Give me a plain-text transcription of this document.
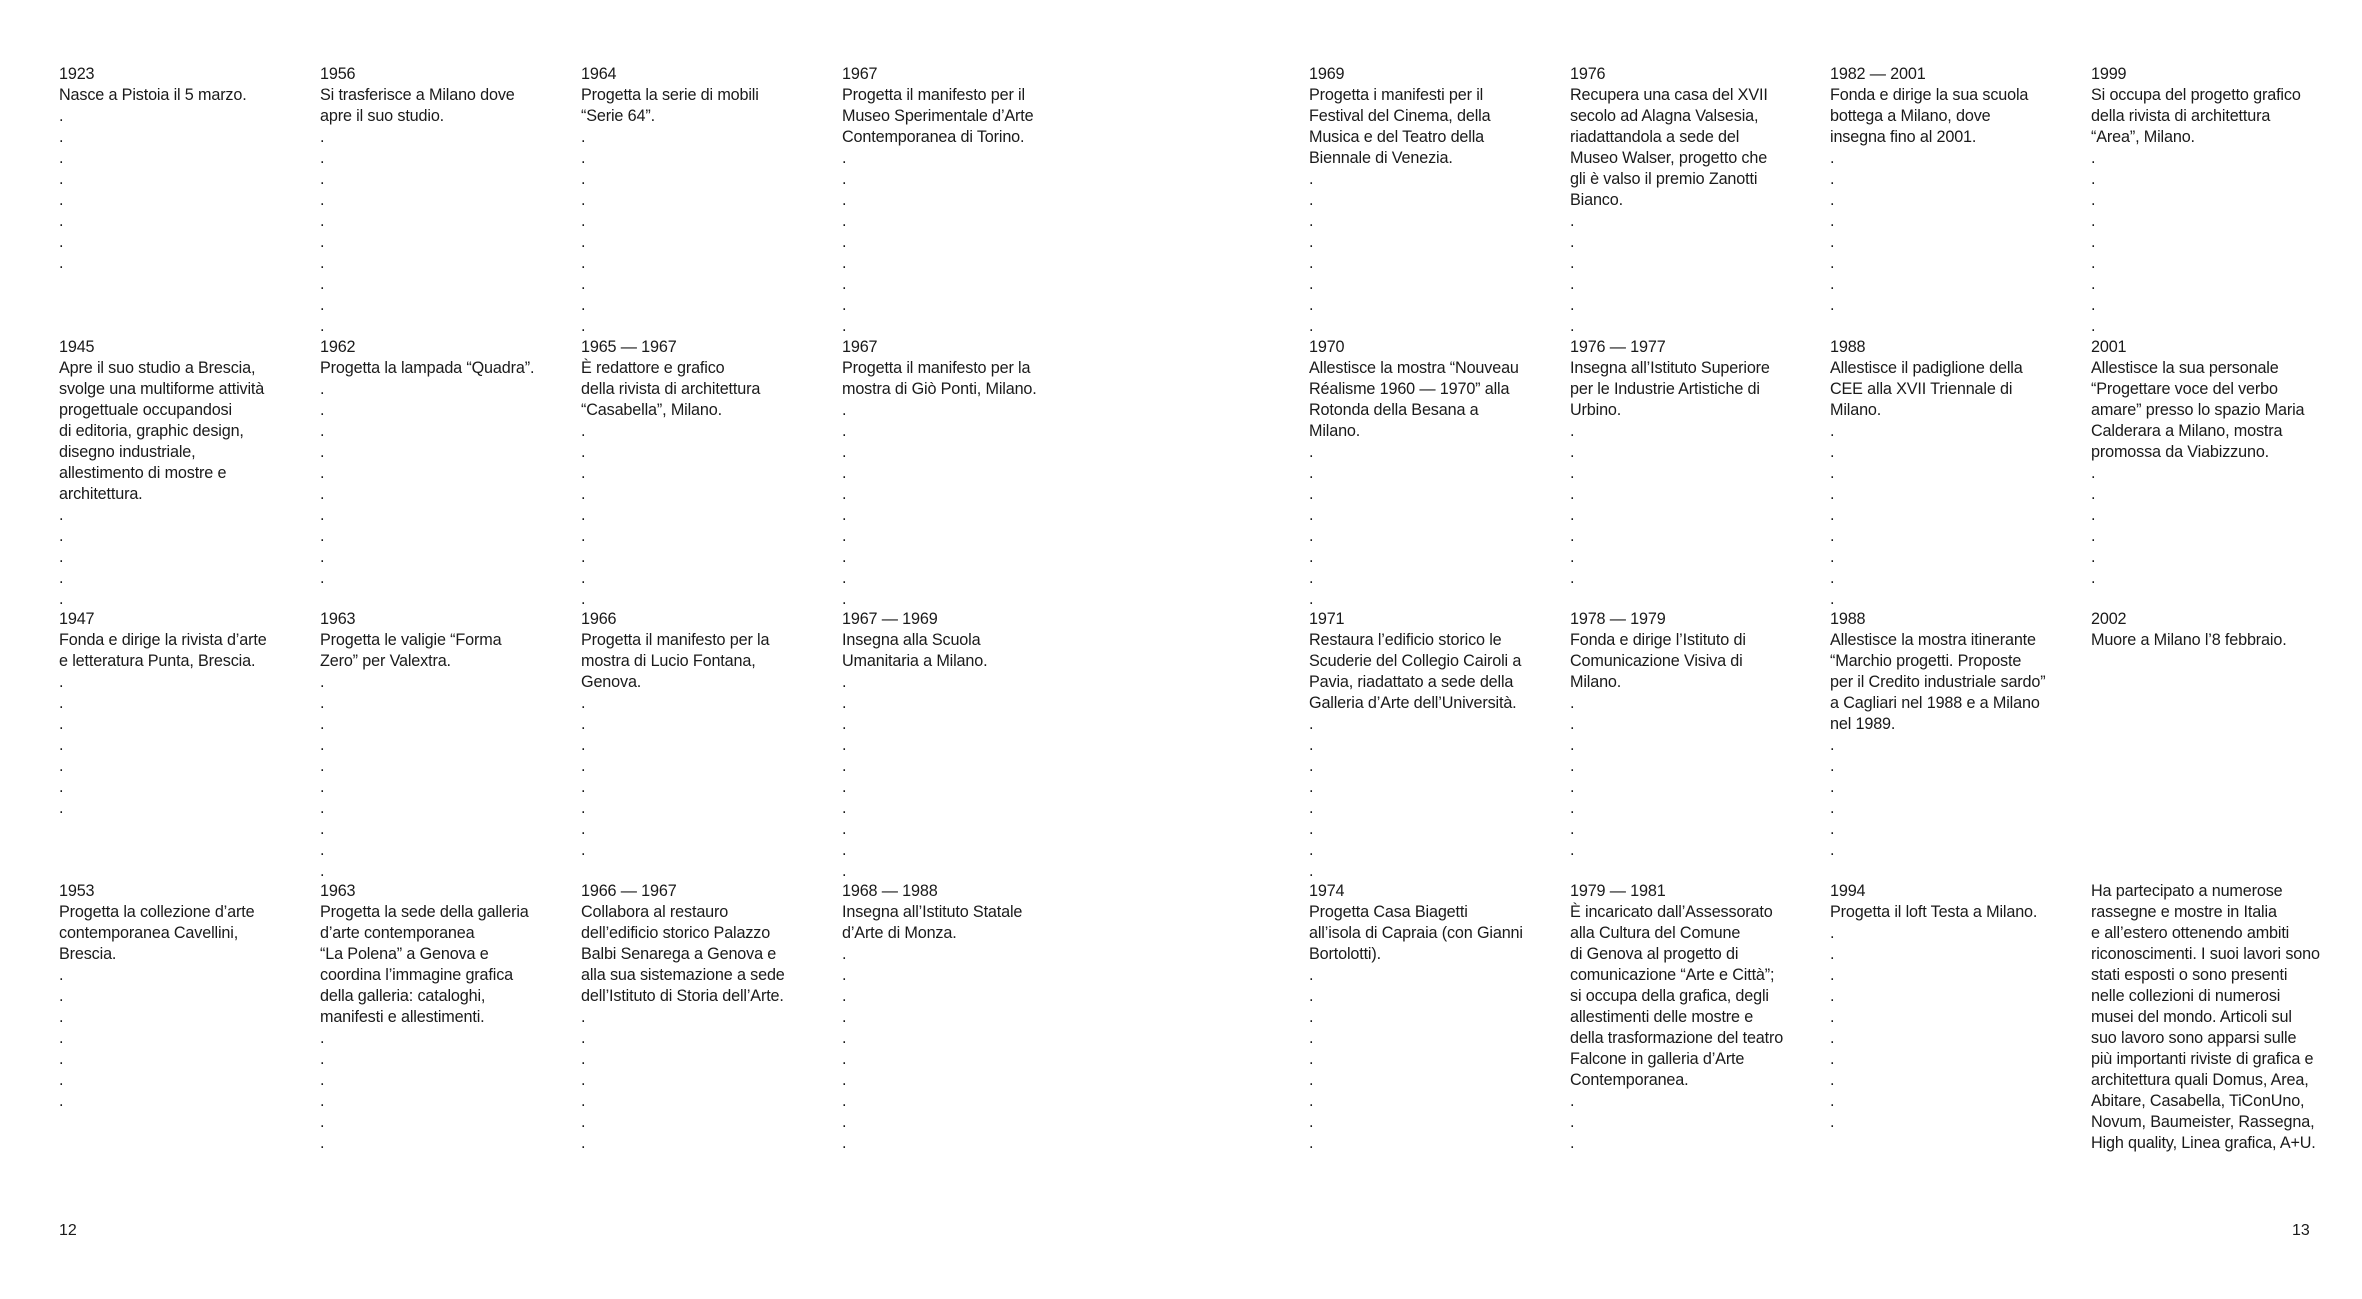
1923
Nasce a Pistoia il 5 marzo.
.
.
.
.
.
.
.
.
1945
Apre il suo studio a Brescia,
svolge una multiforme attività
progettuale occupandosi
di editoria, graphic design,
disegno industriale,
allestimento di mostre e
architettura.
.
.
.
.
.
1947
Fonda e dirige la rivista d’arte
e letteratura Punta, Brescia.
.
.
.
.
.
.
.
1953
Progetta la collezione d’arte
contemporanea Cavellini,
Brescia.
.
.
.
.
.
.
.
1956
Si trasferisce a Milano dove
apre il suo studio.
.
.
.
.
.
.
.
.
.
.
1962
Progetta la lampada “Quadra”.
.
.
.
.
.
.
.
.
.
.
1963
Progetta le valigie “Forma
Zero” per Valextra.
.
.
.
.
.
.
.
.
.
.
1963
Progetta la sede della galleria
d’arte contemporanea
“La Polena” a Genova e
coordina l’immagine grafica
della galleria: cataloghi,
manifesti e allestimenti.
.
.
.
.
.
.
1964
Progetta la serie di mobili
“Serie 64”.
.
.
.
.
.
.
.
.
.
.
1965 — 1967
È redattore e grafico
della rivista di architettura
“Casabella”, Milano.
.
.
.
.
.
.
.
.
.
1966
Progetta il manifesto per la
mostra di Lucio Fontana,
Genova.
.
.
.
.
.
.
.
.
1966 — 1967
Collabora al restauro
dell’edificio storico Palazzo
Balbi Senarega a Genova e
alla sua sistemazione a sede
dell’Istituto di Storia dell’Arte.
.
.
.
.
.
.
.
1967
Progetta il manifesto per il
Museo Sperimentale d’Arte
Contemporanea di Torino.
.
.
.
.
.
.
.
.
.
1967
Progetta il manifesto per la
mostra di Giò Ponti, Milano.
.
.
.
.
.
.
.
.
.
.
1967 — 1969
Insegna alla Scuola
Umanitaria a Milano.
.
.
.
.
.
.
.
.
.
.
1968 — 1988
Insegna all’Istituto Statale
d’Arte di Monza.
.
.
.
.
.
.
.
.
.
.
1969
Progetta i manifesti per il
Festival del Cinema, della
Musica e del Teatro della
Biennale di Venezia.
.
.
.
.
.
.
.
.
1970
Allestisce la mostra “Nouveau
Réalisme 1960 — 1970” alla
Rotonda della Besana a
Milano.
.
.
.
.
.
.
.
.
1971
Restaura l’edificio storico le
Scuderie del Collegio Cairoli a
Pavia, riadattato a sede della
Galleria d’Arte dell’Università.
.
.
.
.
.
.
.
.
1974
Progetta Casa Biagetti
all’isola di Capraia (con Gianni
Bortolotti).
.
.
.
.
.
.
.
.
.
1976
Recupera una casa del XVII
secolo ad Alagna Valsesia,
riadattandola a sede del
Museo Walser, progetto che
gli è valso il premio Zanotti
Bianco.
.
.
.
.
.
.
1976 — 1977
Insegna all’Istituto Superiore
per le Industrie Artistiche di
Urbino.
.
.
.
.
.
.
.
.
1978 — 1979
Fonda e dirige l’Istituto di
Comunicazione Visiva di
Milano.
.
.
.
.
.
.
.
.
1979 — 1981
È incaricato dall’Assessorato
alla Cultura del Comune
di Genova al progetto di
comunicazione “Arte e Città”;
si occupa della grafica, degli
allestimenti delle mostre e
della trasformazione del teatro
Falcone in galleria d’Arte
Contemporanea.
.
.
.
1982 — 2001
Fonda e dirige la sua scuola
bottega a Milano, dove
insegna fino al 2001.
.
.
.
.
.
.
.
.
1988
Allestisce il padiglione della
CEE alla XVII Triennale di
Milano.
.
.
.
.
.
.
.
.
.
1988
Allestisce la mostra itinerante
“Marchio progetti. Proposte
per il Credito industriale sardo”
a Cagliari nel 1988 e a Milano
nel 1989.
.
.
.
.
.
.
1994
Progetta il loft Testa a Milano.
.
.
.
.
.
.
.
.
.
.
1999
Si occupa del progetto grafico
della rivista di architettura
“Area”, Milano.
.
.
.
.
.
.
.
.
.
2001
Allestisce la sua personale
“Progettare voce del verbo
amare” presso lo spazio Maria
Calderara a Milano, mostra
promossa da Viabizzuno.
.
.
.
.
.
.
2002
Muore a Milano l’8 febbraio.
Ha partecipato a numerose
rassegne e mostre in Italia
e all’estero ottenendo ambiti
riconoscimenti. I suoi lavori sono
stati esposti o sono presenti
nelle collezioni di numerosi
musei del mondo. Articoli sul
suo lavoro sono apparsi sulle
più importanti riviste di grafica e
architettura quali Domus, Area,
Abitare, Casabella, TiConUno,
Novum, Baumeister, Rassegna,
High quality, Linea grafica, A+U.
12	13
